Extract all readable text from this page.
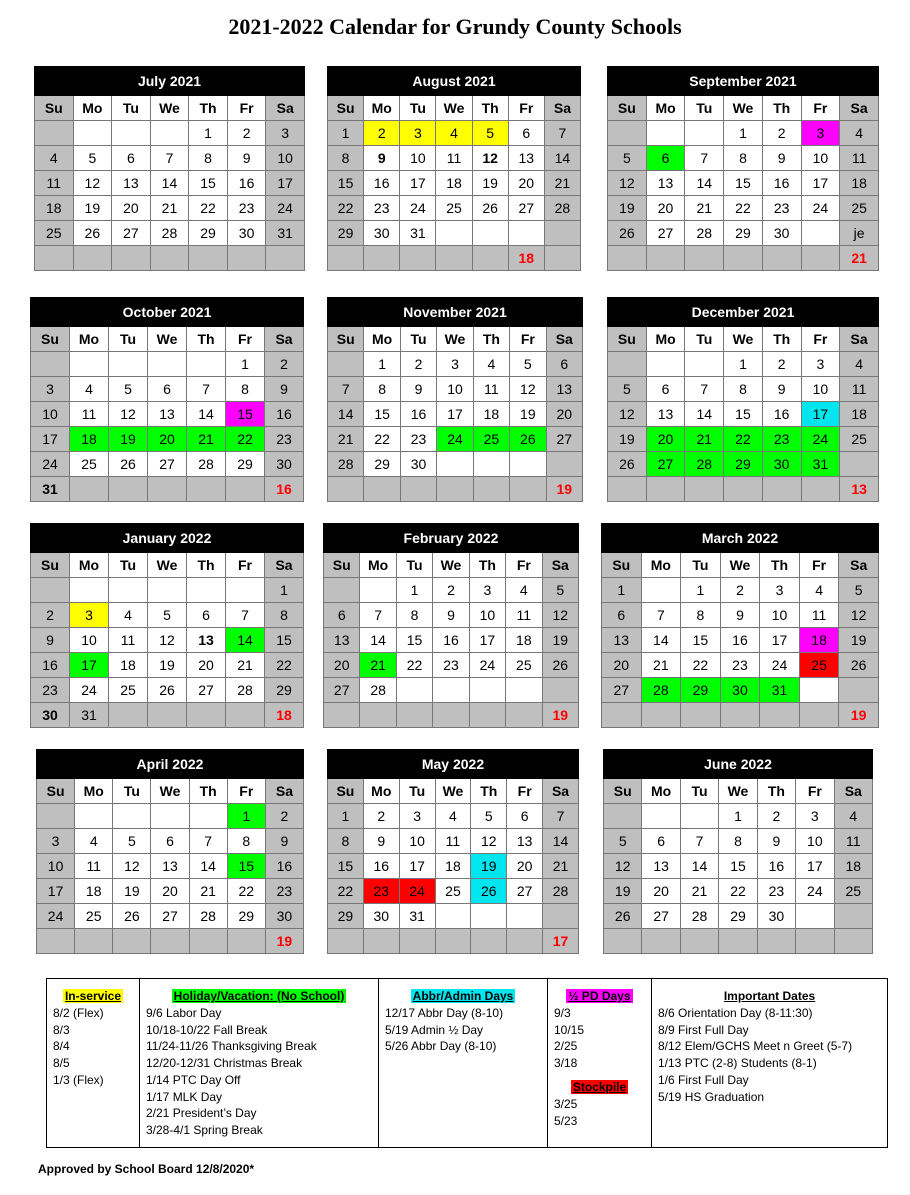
2021-2022 Calendar for Grundy County Schools
July 2021						
Su	Mo	Tu	We	Th	Fr	Sa
				1	2	3
4	5	6	7	8	9	10
11	12	13	14	15	16	17
18	19	20	21	22	23	24
25	26	27	28	29	30	31

August 2021						
Su	Mo	Tu	We	Th	Fr	Sa
1	2	3	4	5	6	7
8	9	10	11	12	13	14
15	16	17	18	19	20	21
22	23	24	25	26	27	28
29	30	31				
					18	
September 2021						
Su	Mo	Tu	We	Th	Fr	Sa
			1	2	3	4
5	6	7	8	9	10	11
12	13	14	15	16	17	18
19	20	21	22	23	24	25
26	27	28	29	30		je
						21
October 2021						
Su	Mo	Tu	We	Th	Fr	Sa
					1	2
3	4	5	6	7	8	9
10	11	12	13	14	15	16
17	18	19	20	21	22	23
24	25	26	27	28	29	30
31						16
November 2021						
Su	Mo	Tu	We	Th	Fr	Sa
	1	2	3	4	5	6
7	8	9	10	11	12	13
14	15	16	17	18	19	20
21	22	23	24	25	26	27
28	29	30				
						19
December 2021						
Su	Mo	Tu	We	Th	Fr	Sa
			1	2	3	4
5	6	7	8	9	10	11
12	13	14	15	16	17	18
19	20	21	22	23	24	25
26	27	28	29	30	31	
						13
January 2022						
Su	Mo	Tu	We	Th	Fr	Sa
						1
2	3	4	5	6	7	8
9	10	11	12	13	14	15
16	17	18	19	20	21	22
23	24	25	26	27	28	29
30	31					18
February 2022						
Su	Mo	Tu	We	Th	Fr	Sa
		1	2	3	4	5
6	7	8	9	10	11	12
13	14	15	16	17	18	19
20	21	22	23	24	25	26
27	28					
						19
March 2022						
Su	Mo	Tu	We	Th	Fr	Sa
1		1	2	3	4	5
6	7	8	9	10	11	12
13	14	15	16	17	18	19
20	21	22	23	24	25	26
27	28	29	30	31		
						19
April 2022						
Su	Mo	Tu	We	Th	Fr	Sa
					1	2
3	4	5	6	7	8	9
10	11	12	13	14	15	16
17	18	19	20	21	22	23
24	25	26	27	28	29	30
						19
May 2022						
Su	Mo	Tu	We	Th	Fr	Sa
1	2	3	4	5	6	7
8	9	10	11	12	13	14
15	16	17	18	19	20	21
22	23	24	25	26	27	28
29	30	31				
						17
June 2022						
Su	Mo	Tu	We	Th	Fr	Sa
			1	2	3	4
5	6	7	8	9	10	11
12	13	14	15	16	17	18
19	20	21	22	23	24	25
26	27	28	29	30		

In-service
8/2 (Flex)
8/3
8/4
8/5
1/3 (Flex)
Holiday/Vacation: (No School)
9/6 Labor Day
10/18-10/22 Fall Break
11/24-11/26 Thanksgiving Break
12/20-12/31 Christmas Break
1/14 PTC Day Off
1/17 MLK Day
2/21 President’s Day
3/28-4/1 Spring Break
Abbr/Admin Days
12/17 Abbr Day (8-10)
5/19 Admin ½ Day
5/26 Abbr Day (8-10)
½ PD Days
9/3
10/15
2/25
3/18
Stockpile
3/25
5/23
Important Dates
8/6 Orientation Day (8-11:30)
8/9 First Full Day
8/12 Elem/GCHS Meet n Greet (5-7)
1/13 PTC (2-8) Students (8-1)
1/6 First Full Day
5/19 HS Graduation
Approved by School Board 12/8/2020*
